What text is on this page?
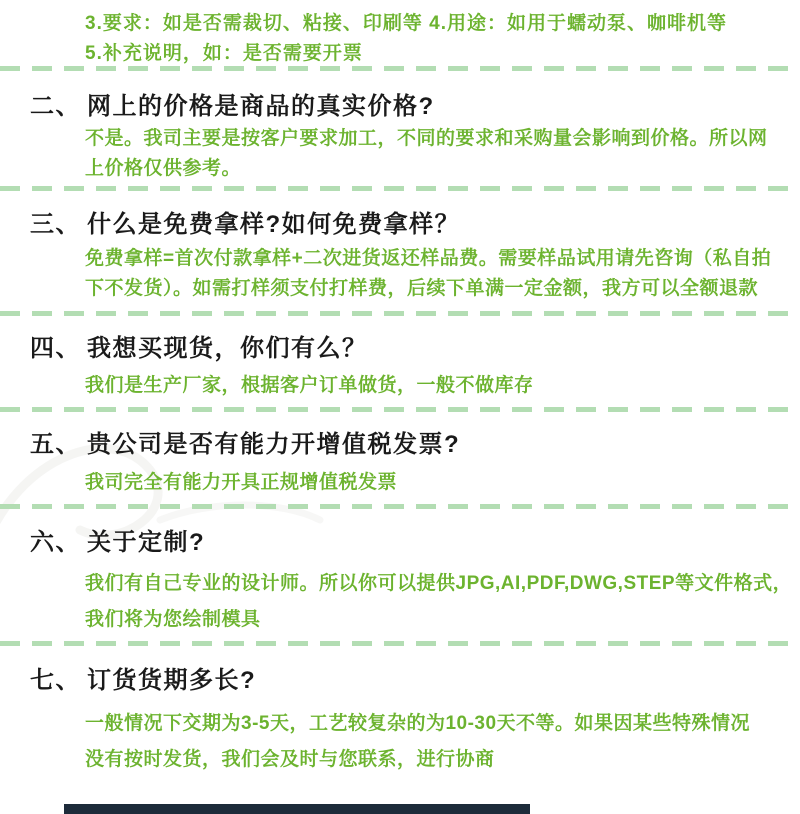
3.要求：如是否需裁切、粘接、印刷等 4.用途：如用于蠕动泵、咖啡机等
5.补充说明，如：是否需要开票
二、 网上的价格是商品的真实价格?
不是。我司主要是按客户要求加工，不同的要求和采购量会影响到价格。所以网
上价格仅供参考。
三、 什么是免费拿样?如何免费拿样？
免费拿样=首次付款拿样+二次进货返还样品费。需要样品试用请先咨询（私自拍
下不发货）。如需打样须支付打样费，后续下单满一定金额，我方可以全额退款
四、 我想买现货，你们有么？
我们是生产厂家，根据客户订单做货，一般不做库存
五、 贵公司是否有能力开增值税发票?
我司完全有能力开具正规增值税发票
六、 关于定制?
我们有自己专业的设计师。所以你可以提供JPG,AI,PDF,DWG,STEP等文件格式，
我们将为您绘制模具
七、 订货货期多长?
一般情况下交期为3-5天，工艺较复杂的为10-30天不等。如果因某些特殊情况
没有按时发货，我们会及时与您联系，进行协商
